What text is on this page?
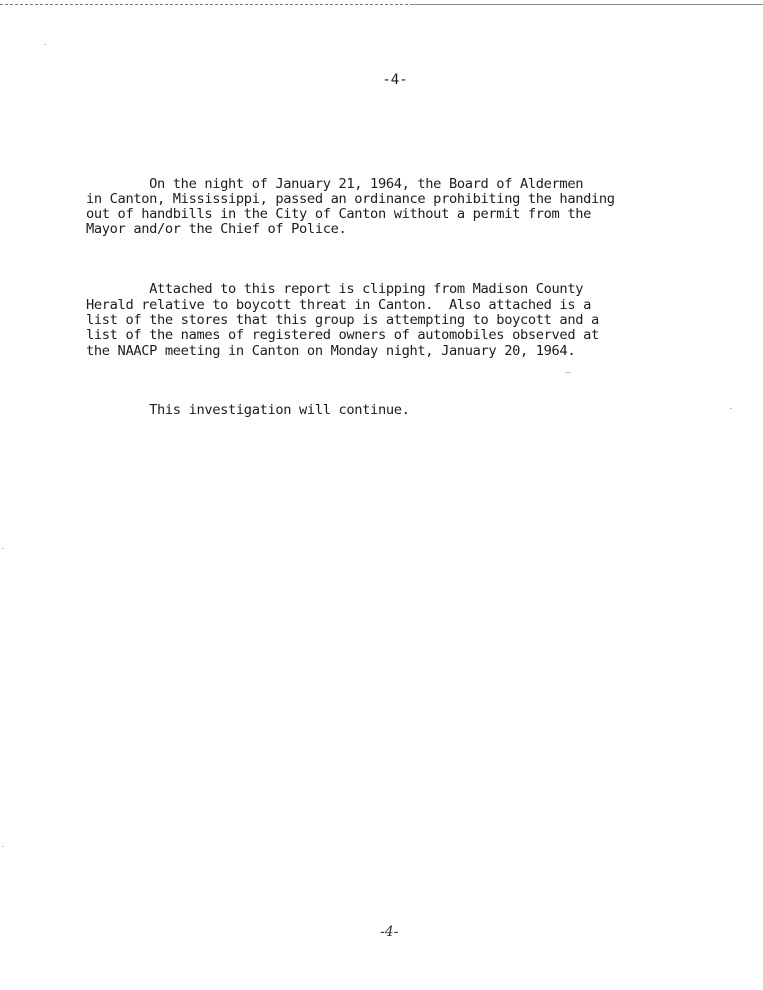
-4-

On the night of January 21, 1964, the Board of Aldermen
in Canton, Mississippi, passed an ordinance prohibiting the handing
out of handbills in the City of Canton without a permit from the
Mayor and/or the Chief of Police.

Attached to this report is clipping from Madison County
Herald relative to boycott threat in Canton.  Also attached is a
list of the stores that this group is attempting to boycott and a
list of the names of registered owners of automobiles observed at
the NAACP meeting in Canton on Monday night, January 20, 1964.

This investigation will continue.

-4-
